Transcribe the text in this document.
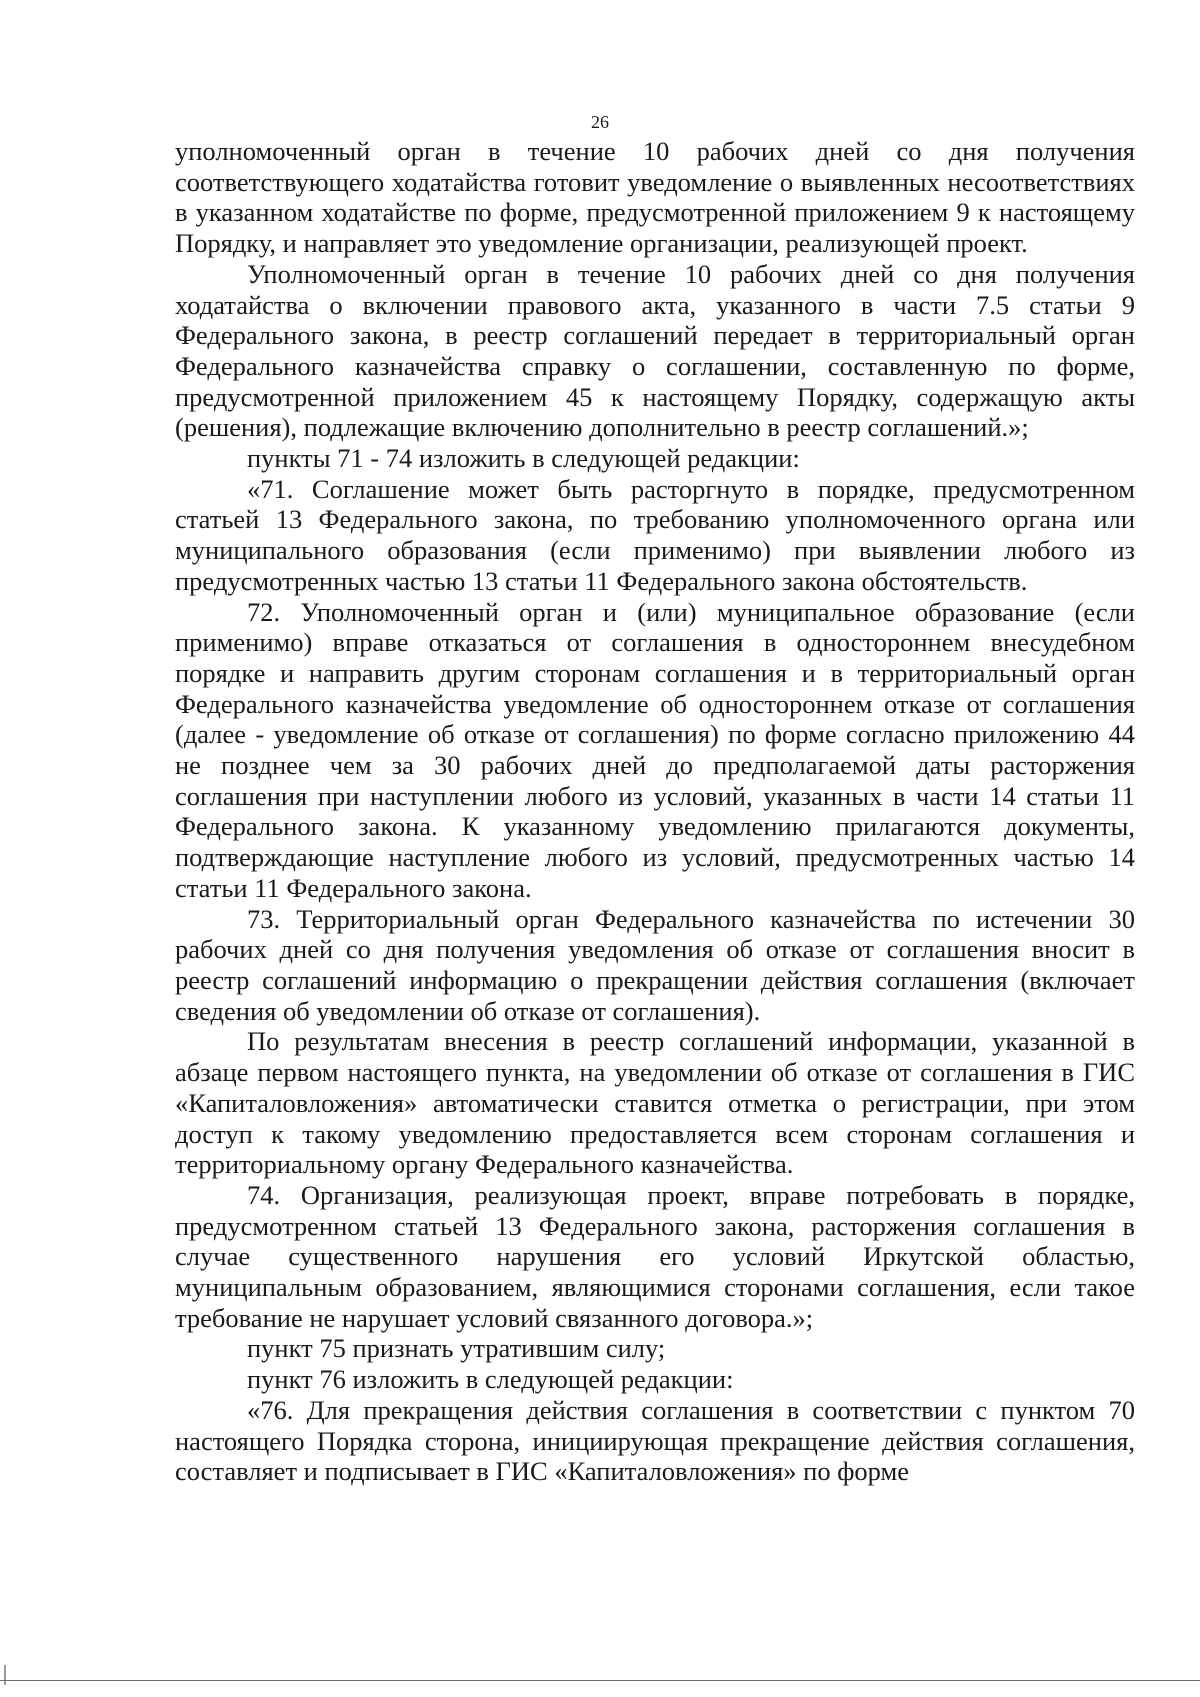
26

уполномоченный орган в течение 10 рабочих дней со дня получения соответствующего ходатайства готовит уведомление о выявленных несоответствиях в указанном ходатайстве по форме, предусмотренной приложением 9 к настоящему Порядку, и направляет это уведомление организации, реализующей проект.

Уполномоченный орган в течение 10 рабочих дней со дня получения ходатайства о включении правового акта, указанного в части 7.5 статьи 9 Федерального закона, в реестр соглашений передает в территориальный орган Федерального казначейства справку о соглашении, составленную по форме, предусмотренной приложением 45 к настоящему Порядку, содержащую акты (решения), подлежащие включению дополнительно в реестр соглашений.»;

пункты 71 - 74 изложить в следующей редакции:

«71. Соглашение может быть расторгнуто в порядке, предусмотренном статьей 13 Федерального закона, по требованию уполномоченного органа или муниципального образования (если применимо) при выявлении любого из предусмотренных частью 13 статьи 11 Федерального закона обстоятельств.

72. Уполномоченный орган и (или) муниципальное образование (если применимо) вправе отказаться от соглашения в одностороннем внесудебном порядке и направить другим сторонам соглашения и в территориальный орган Федерального казначейства уведомление об одностороннем отказе от соглашения (далее - уведомление об отказе от соглашения) по форме согласно приложению 44 не позднее чем за 30 рабочих дней до предполагаемой даты расторжения соглашения при наступлении любого из условий, указанных в части 14 статьи 11 Федерального закона. К указанному уведомлению прилагаются документы, подтверждающие наступление любого из условий, предусмотренных частью 14 статьи 11 Федерального закона.

73. Территориальный орган Федерального казначейства по истечении 30 рабочих дней со дня получения уведомления об отказе от соглашения вносит в реестр соглашений информацию о прекращении действия соглашения (включает сведения об уведомлении об отказе от соглашения).

По результатам внесения в реестр соглашений информации, указанной в абзаце первом настоящего пункта, на уведомлении об отказе от соглашения в ГИС «Капиталовложения» автоматически ставится отметка о регистрации, при этом доступ к такому уведомлению предоставляется всем сторонам соглашения и территориальному органу Федерального казначейства.

74. Организация, реализующая проект, вправе потребовать в порядке, предусмотренном статьей 13 Федерального закона, расторжения соглашения в случае существенного нарушения его условий Иркутской областью, муниципальным образованием, являющимися сторонами соглашения, если такое требование не нарушает условий связанного договора.»;

пункт 75 признать утратившим силу;

пункт 76 изложить в следующей редакции:

«76. Для прекращения действия соглашения в соответствии с пунктом 70 настоящего Порядка сторона, инициирующая прекращение действия соглашения, составляет и подписывает в ГИС «Капиталовложения» по форме
